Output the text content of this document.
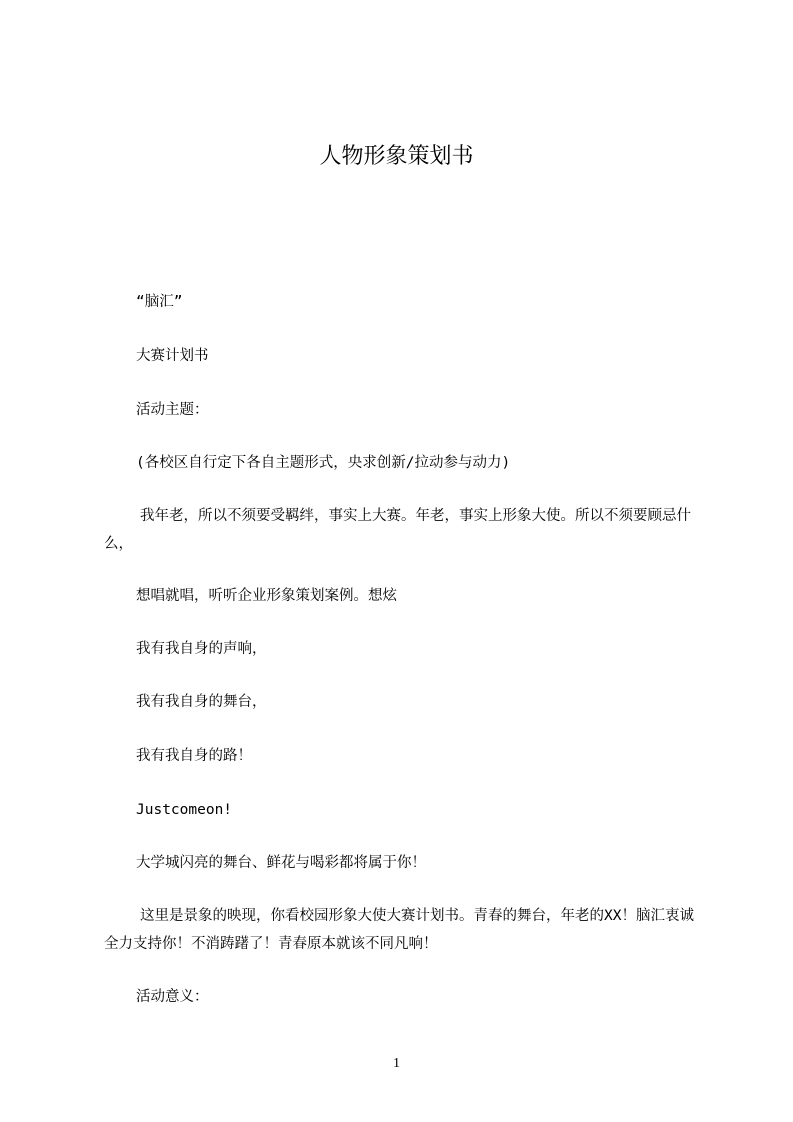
人物形象策划书
“脑汇”
大赛计划书
活动主题：
(各校区自行定下各自主题形式，央求创新/拉动参与动力)
我年老，所以不须要受羁绊，事实上大赛。年老，事实上形象大使。所以不须要顾忌什么，
想唱就唱，听听企业形象策划案例。想炫
我有我自身的声响，
我有我自身的舞台，
我有我自身的路！
Justcomeon!
大学城闪亮的舞台、鲜花与喝彩都将属于你！
这里是景象的映现，你看校园形象大使大赛计划书。青春的舞台，年老的XX！脑汇衷诚全力支持你！不消踌躇了！青春原本就该不同凡响！
活动意义：
1
